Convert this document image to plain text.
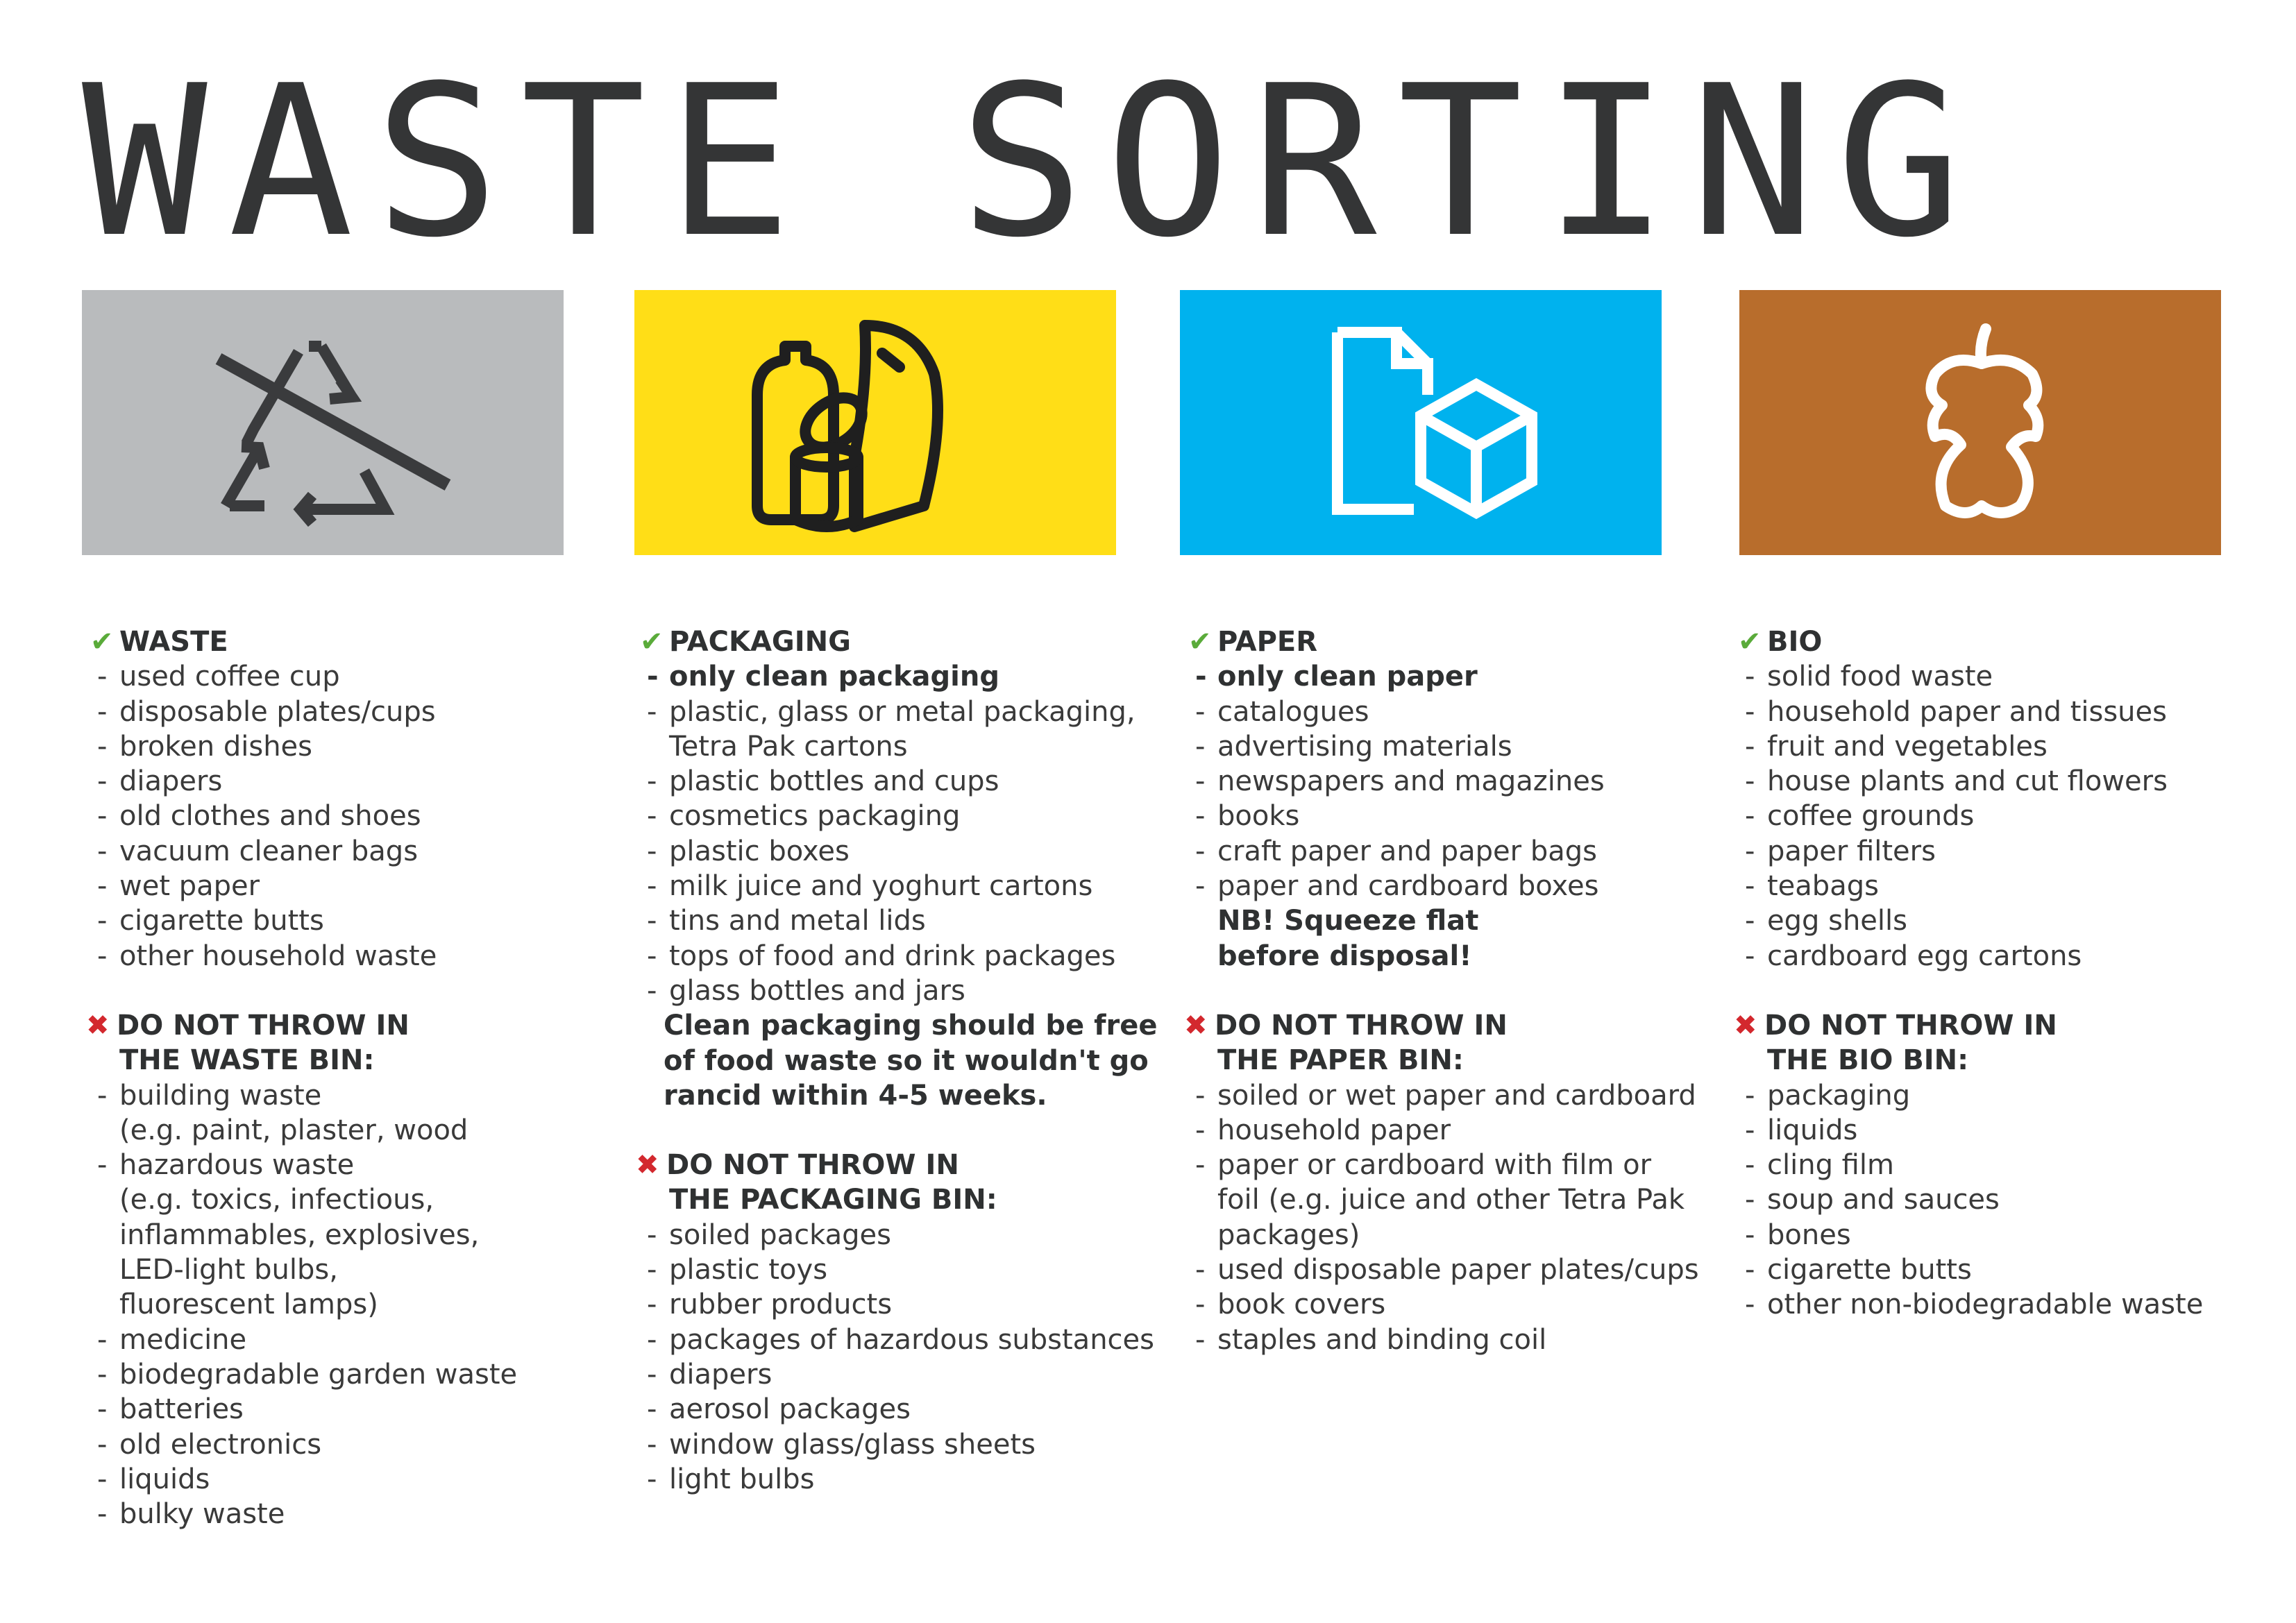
WASTE SORTING
✔ WASTE
- used coffee cup
- disposable plates/cups
- broken dishes
- diapers
- old clothes and shoes
- vacuum cleaner bags
- wet paper
- cigarette butts
- other household waste
✖ DO NOT THROW IN
THE WASTE BIN:
- building waste
(e.g. paint, plaster, wood
- hazardous waste
(e.g. toxics, infectious,
inflammables, explosives,
LED-light bulbs,
fluorescent lamps)
- medicine
- biodegradable garden waste
- batteries
- old electronics
- liquids
- bulky waste
✔ PACKAGING
- only clean packaging
- plastic, glass or metal packaging,
Tetra Pak cartons
- plastic bottles and cups
- cosmetics packaging
- plastic boxes
- milk juice and yoghurt cartons
- tins and metal lids
- tops of food and drink packages
- glass bottles and jars
Clean packaging should be free
of food waste so it wouldn't go
rancid within 4-5 weeks.
✖ DO NOT THROW IN
THE PACKAGING BIN:
- soiled packages
- plastic toys
- rubber products
- packages of hazardous substances
- diapers
- aerosol packages
- window glass/glass sheets
- light bulbs
✔ PAPER
- only clean paper
- catalogues
- advertising materials
- newspapers and magazines
- books
- craft paper and paper bags
- paper and cardboard boxes
NB! Squeeze flat
before disposal!
✖ DO NOT THROW IN
THE PAPER BIN:
- soiled or wet paper and cardboard
- household paper
- paper or cardboard with film or
foil (e.g. juice and other Tetra Pak
packages)
- used disposable paper plates/cups
- book covers
- staples and binding coil
✔ BIO
- solid food waste
- household paper and tissues
- fruit and vegetables
- house plants and cut flowers
- coffee grounds
- paper filters
- teabags
- egg shells
- cardboard egg cartons
✖ DO NOT THROW IN
THE BIO BIN:
- packaging
- liquids
- cling film
- soup and sauces
- bones
- cigarette butts
- other non-biodegradable waste
